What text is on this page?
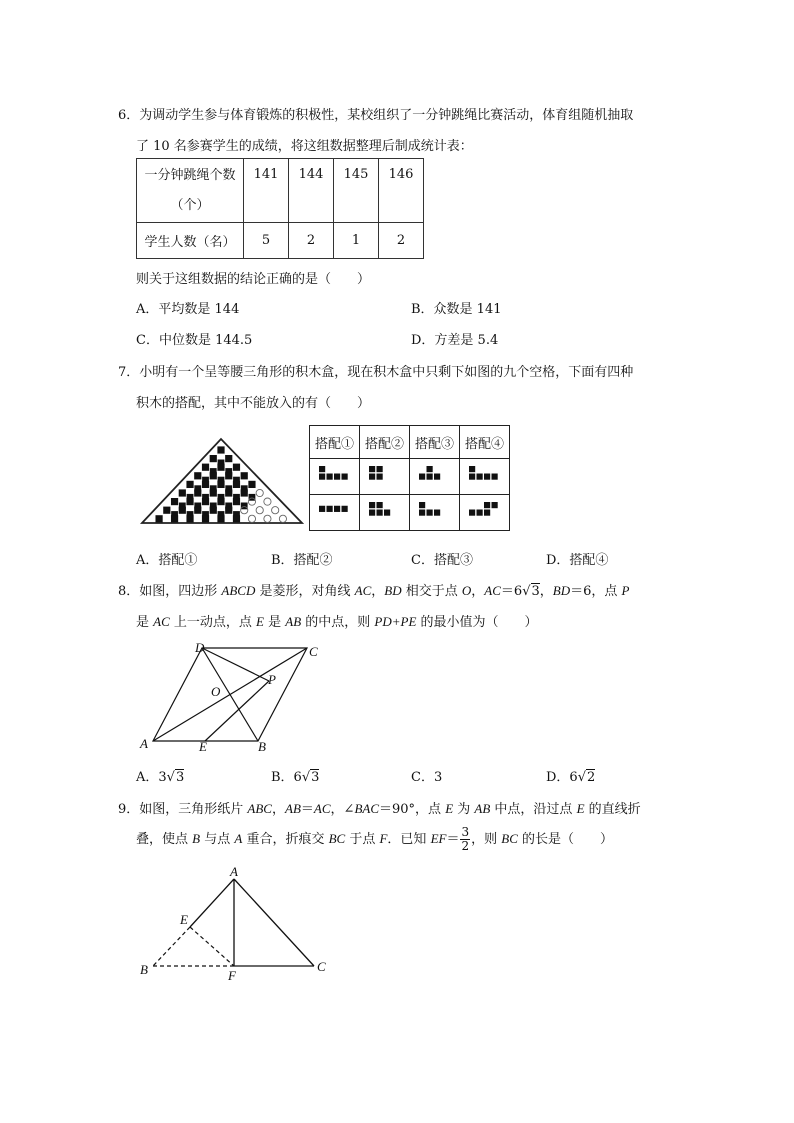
6．为调动学生参与体育锻炼的积极性，某校组织了一分钟跳绳比赛活动，体育组随机抽取
了 10 名参赛学生的成绩，将这组数据整理后制成统计表：
一分钟跳绳个数
（个）	141	144	145	146
学生人数（名）	5	2	1	2
则关于这组数据的结论正确的是（　　）
A．平均数是 144	B．众数是 141
C．中位数是 144.5	D．方差是 5.4
7．小明有一个呈等腰三角形的积木盒，现在积木盒中只剩下如图的九个空格，下面有四种
积木的搭配，其中不能放入的有（　　）
搭配①	搭配②	搭配③	搭配④

A．搭配①	B．搭配②	C．搭配③	D．搭配④
8．如图，四边形 ABCD 是菱形，对角线 AC，BD 相交于点 O，AC＝6√3，BD＝6，点 P
是 AC 上一动点，点 E 是 AB 的中点，则 PD+PE 的最小值为（　　）
A	B
C
D
O
P
E
A．3√3	B．6√3	C．3	D．6√2
9．如图，三角形纸片 ABC，AB＝AC，∠BAC＝90°，点 E 为 AB 中点，沿过点 E 的直线折
叠，使点 B 与点 A 重合，折痕交 BC 于点 F．已知 $EF= \frac{3}{2}$ ，则 BC 的长是（　　）
A
B	C
E
F
